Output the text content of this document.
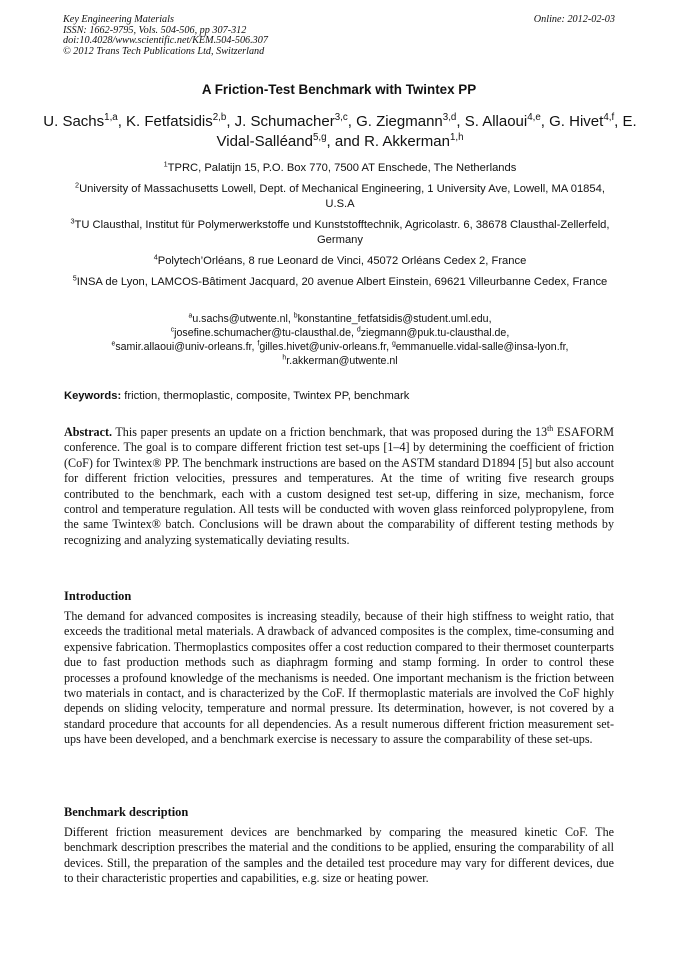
Key Engineering Materials
ISSN: 1662-9795, Vols. 504-506, pp 307-312
doi:10.4028/www.scientific.net/KEM.504-506.307
© 2012 Trans Tech Publications Ltd, Switzerland
Online: 2012-02-03
A Friction-Test Benchmark with Twintex PP
U. Sachs$^{1,a}$, K. Fetfatsidis$^{2,b}$, J. Schumacher$^{3,c}$, G. Ziegmann$^{3,d}$, S. Allaoui$^{4,e}$, G. Hivet$^{4,f}$, E. Vidal-Salléand$^{5,g}$, and R. Akkerman$^{1,h}$
$^1$TPRC, Palatijn 15, P.O. Box 770, 7500 AT Enschede, The Netherlands
$^2$University of Massachusetts Lowell, Dept. of Mechanical Engineering, 1 University Ave, Lowell, MA 01854, U.S.A
$^3$TU Clausthal, Institut für Polymerwerkstoffe und Kunststofftechnik, Agricolastr. 6, 38678 Clausthal-Zellerfeld, Germany
$^4$Polytech’Orléans, 8 rue Leonard de Vinci, 45072 Orléans Cedex 2, France
$^5$INSA de Lyon, LAMCOS-Bâtiment Jacquard, 20 avenue Albert Einstein, 69621 Villeurbanne Cedex, France
$^a$u.sachs@utwente.nl, $^b$konstantine_fetfatsidis@student.uml.edu,
$^c$josefine.schumacher@tu-clausthal.de, $^d$ziegmann@puk.tu-clausthal.de,
$^e$samir.allaoui@univ-orleans.fr, $^f$gilles.hivet@univ-orleans.fr, $^g$emmanuelle.vidal-salle@insa-lyon.fr,
$^h$r.akkerman@utwente.nl
Keywords: friction, thermoplastic, composite, Twintex PP, benchmark

Abstract. This paper presents an update on a friction benchmark, that was proposed during the 13th ESAFORM conference. The goal is to compare different friction test set-ups [1–4] by determining the coefficient of friction (CoF) for Twintex® PP. The benchmark instructions are based on the ASTM standard D1894 [5] but also account for different friction velocities, pressures and temperatures. At the time of writing five research groups contributed to the benchmark, each with a custom designed test set-up, differing in size, mechanism, force control and temperature regulation. All tests will be conducted with woven glass reinforced polypropylene, from the same Twintex® batch. Conclusions will be drawn about the comparability of different testing methods by recognizing and analyzing systematically deviating results.

Introduction

The demand for advanced composites is increasing steadily, because of their high stiffness to weight ratio, that exceeds the traditional metal materials. A drawback of advanced composites is the complex, time-consuming and expensive fabrication. Thermoplastics composites offer a cost reduction compared to their thermoset counterparts due to fast production methods such as diaphragm forming and stamp forming. In order to control these processes a profound knowledge of the mechanisms is needed. One important mechanism is the friction between two materials in contact, and is characterized by the CoF. If thermoplastic materials are involved the CoF highly depends on sliding velocity, temperature and normal pressure. Its determination, however, is not covered by a standard procedure that accounts for all dependencies. As a result numerous different friction measurement set-ups have been developed, and a benchmark exercise is necessary to assure the comparability of these set-ups.

Benchmark description

Different friction measurement devices are benchmarked by comparing the measured kinetic CoF. The benchmark description prescribes the material and the conditions to be applied, ensuring the comparability of all devices. Still, the preparation of the samples and the detailed test procedure may vary for different devices, due to their characteristic properties and capabilities, e.g. size or heating power.
